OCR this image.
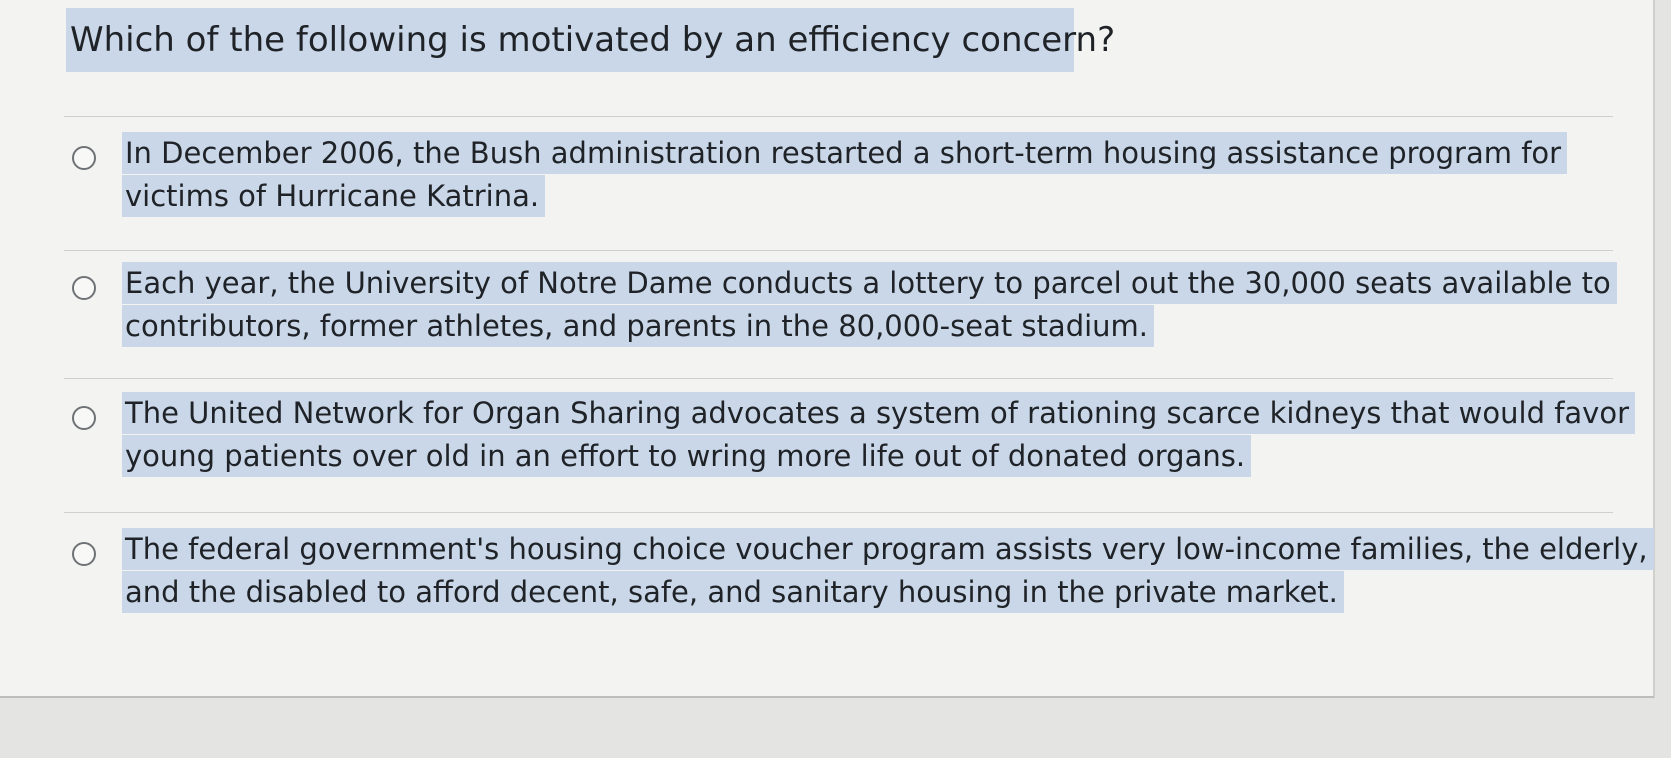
Which of the following is motivated by an efficiency concern?
In December 2006, the Bush administration restarted a short-term housing assistance program for
victims of Hurricane Katrina.
Each year, the University of Notre Dame conducts a lottery to parcel out the 30,000 seats available to
contributors, former athletes, and parents in the 80,000-seat stadium.
The United Network for Organ Sharing advocates a system of rationing scarce kidneys that would favor
young patients over old in an effort to wring more life out of donated organs.
The federal government's housing choice voucher program assists very low-income families, the elderly,
and the disabled to afford decent, safe, and sanitary housing in the private market.
